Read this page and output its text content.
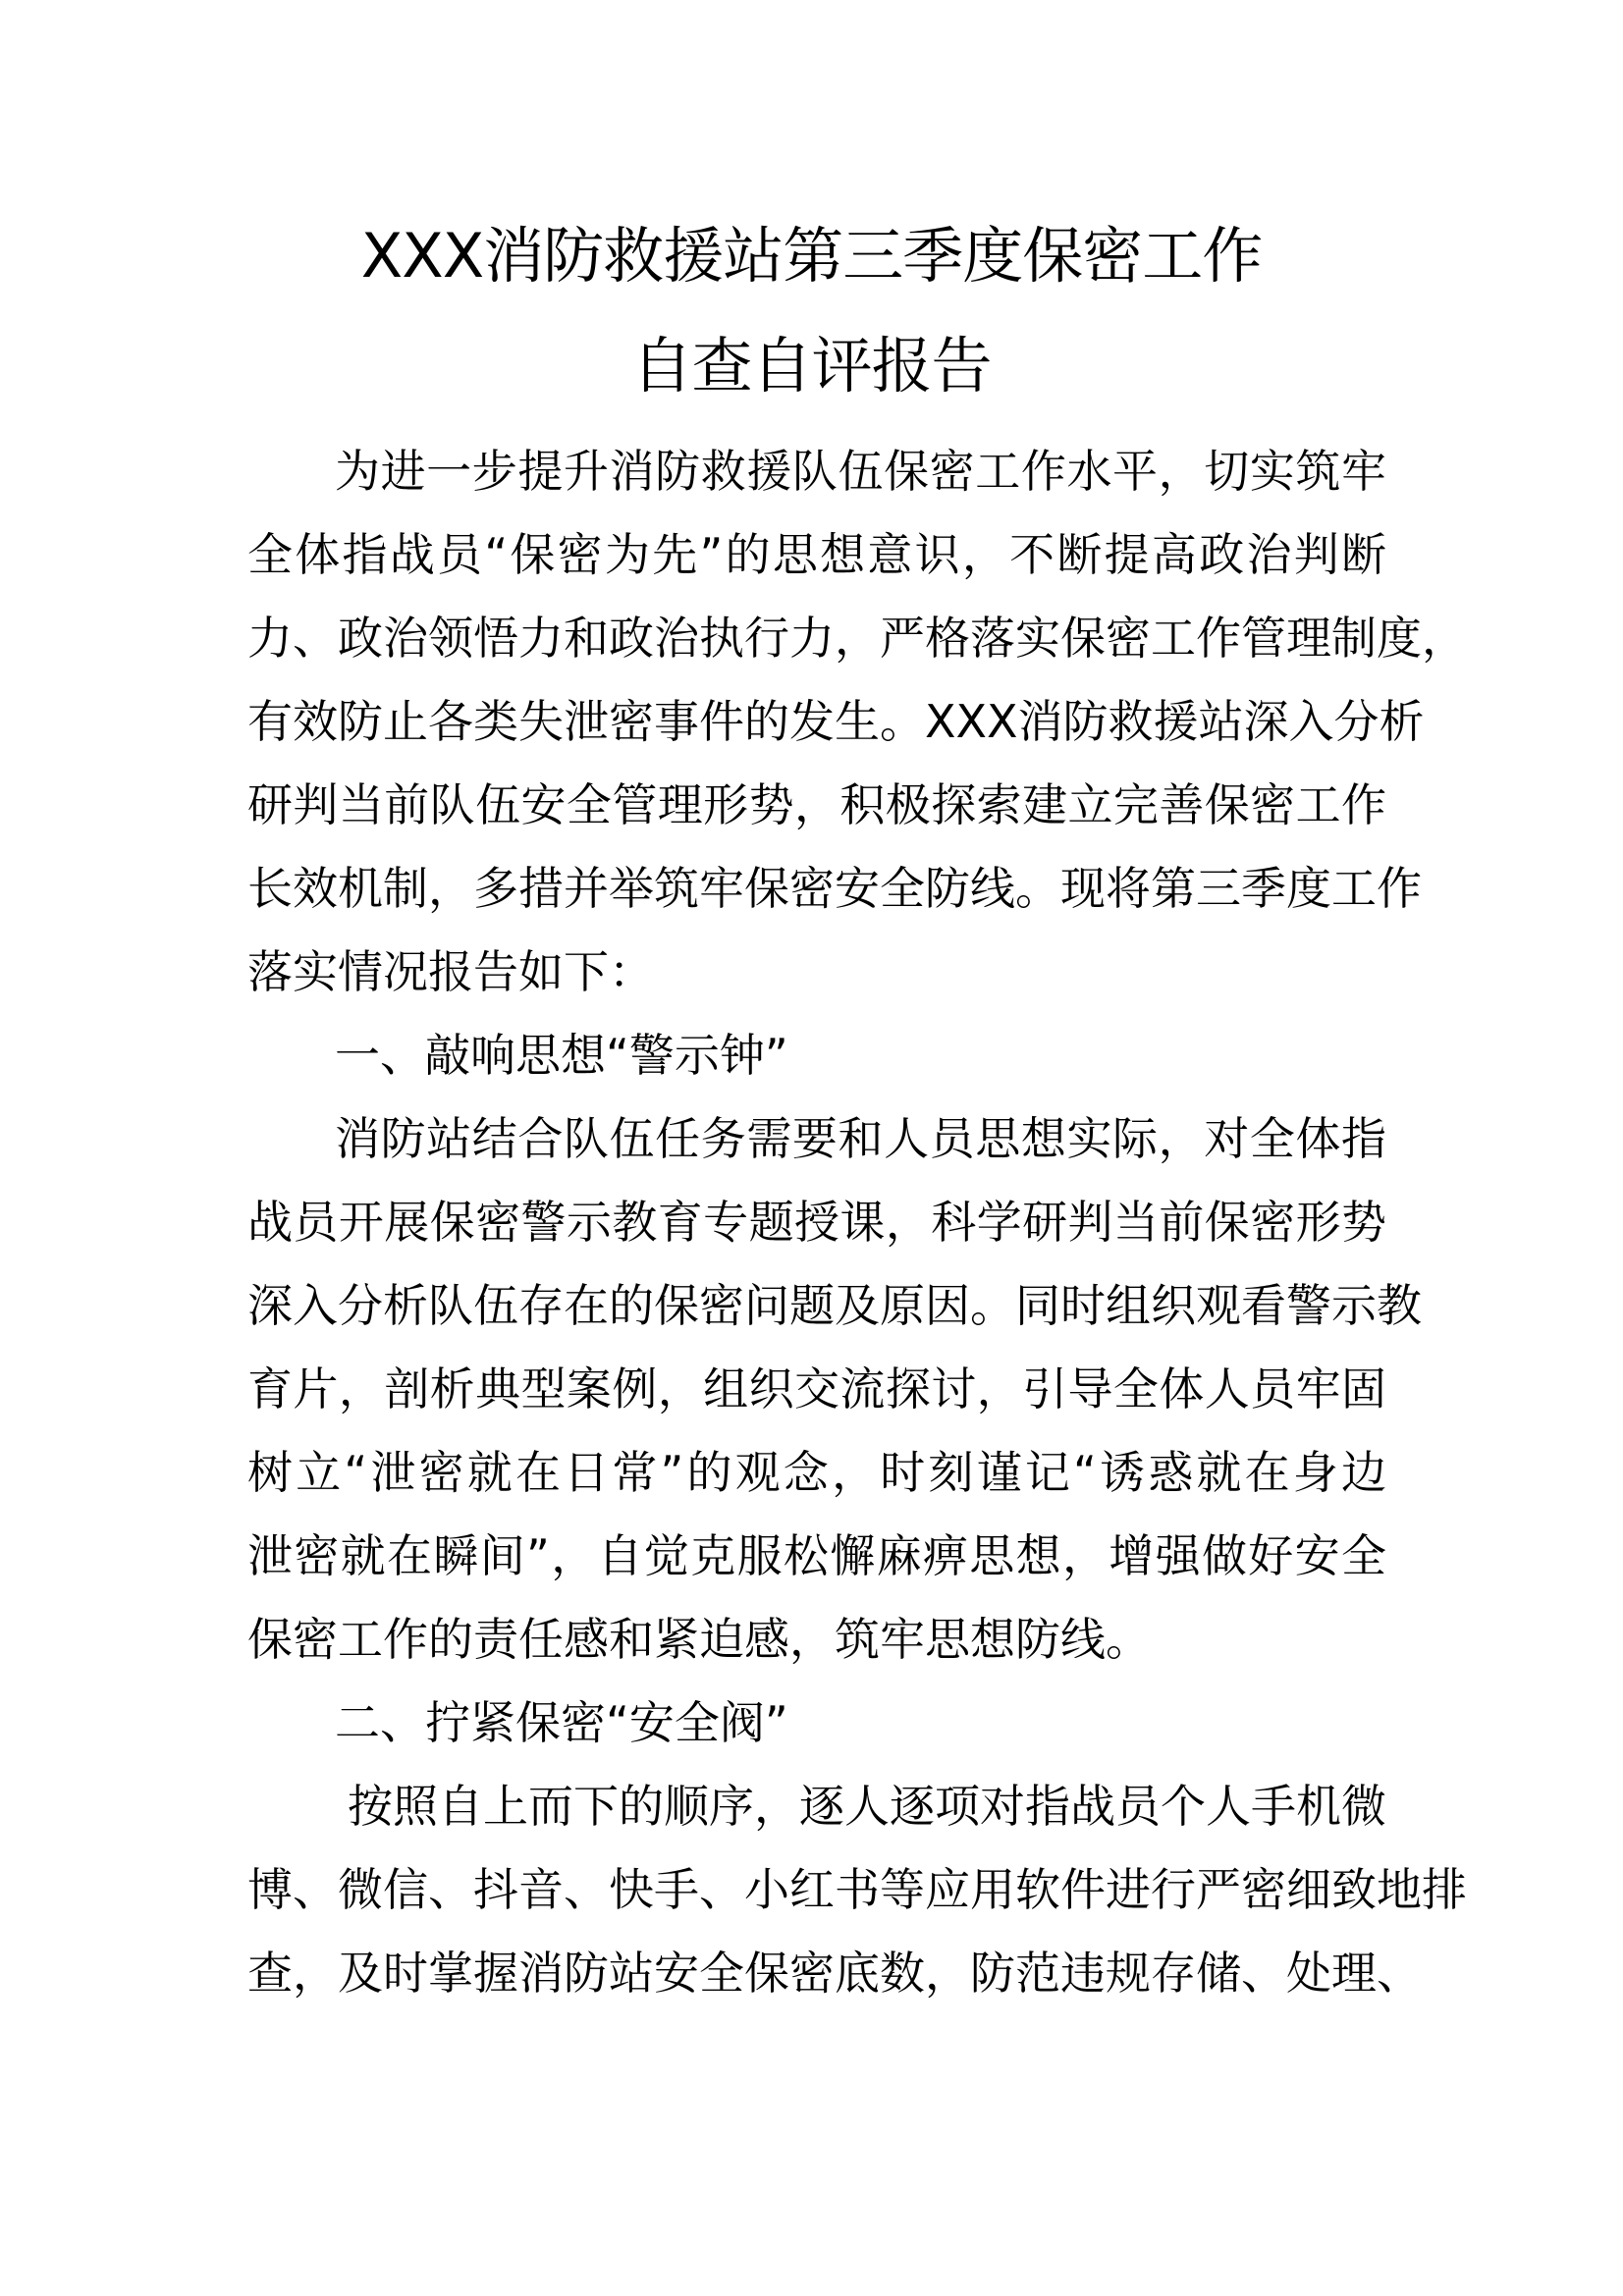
XXX消防救援站第三季度保密工作
自查自评报告
为进一步提升消防救援队伍保密工作水平，切实筑牢
全体指战员“保密为先”的思想意识，不断提高政治判断
力、政治领悟力和政治执行力，严格落实保密工作管理制度，
有效防止各类失泄密事件的发生。XXX消防救援站深入分析
研判当前队伍安全管理形势，积极探索建立完善保密工作
长效机制，多措并举筑牢保密安全防线。现将第三季度工作
落实情况报告如下：
一、敲响思想“警示钟”
消防站结合队伍任务需要和人员思想实际，对全体指
战员开展保密警示教育专题授课，科学研判当前保密形势
深入分析队伍存在的保密问题及原因。同时组织观看警示教
育片，剖析典型案例，组织交流探讨，引导全体人员牢固
树立“泄密就在日常”的观念，时刻谨记“诱惑就在身边
泄密就在瞬间”，自觉克服松懈麻痹思想，增强做好安全
保密工作的责任感和紧迫感，筑牢思想防线。
二、拧紧保密“安全阀”
按照自上而下的顺序，逐人逐项对指战员个人手机微
博、微信、抖音、快手、小红书等应用软件进行严密细致地排
查，及时掌握消防站安全保密底数，防范违规存储、处理、
